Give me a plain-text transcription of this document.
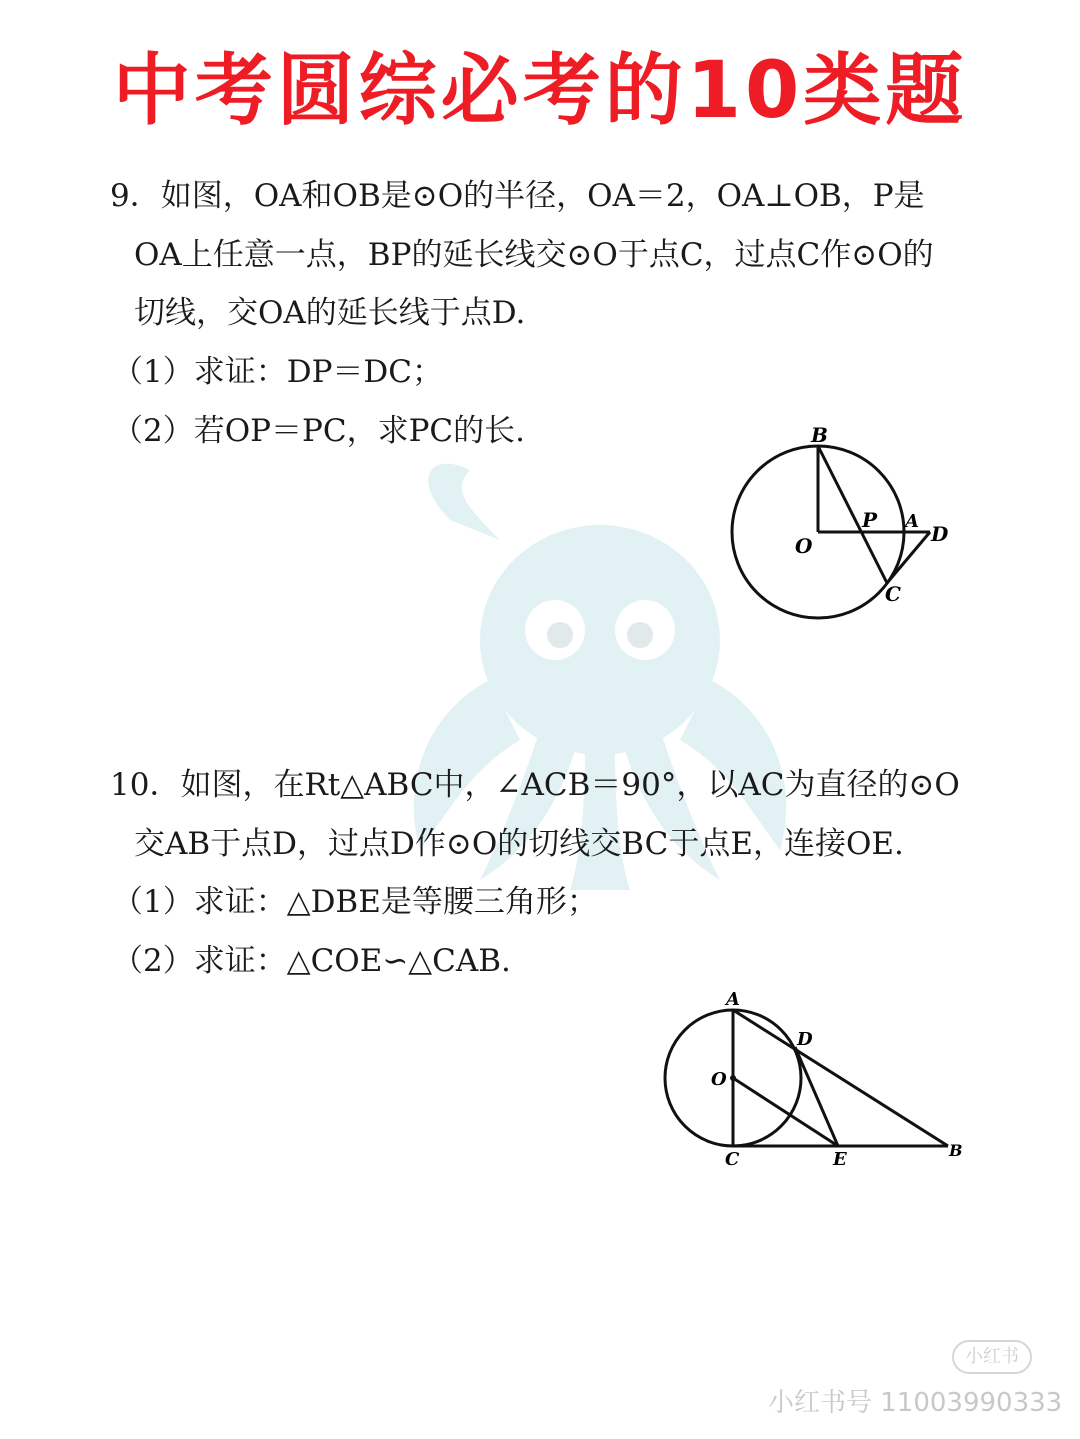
中考圆综必考的10类题
9．如图，OA和OB是⊙O的半径，OA＝2，OA⊥OB，P是
OA上任意一点，BP的延长线交⊙O于点C，过点C作⊙O的
切线，交OA的延长线于点D.
（1）求证：DP＝DC；
（2）若OP＝PC，求PC的长.	B
O
P A
D
C
10．如图，在Rt△ABC中，∠ACB＝90°，以AC为直径的⊙O
交AB于点D，过点D作⊙O的切线交BC于点E，连接OE.
（1）求证：△DBE是等腰三角形；
（2）求证：△COE∽△CAB.
A
D
O
C	E	B
小红书
小红书号 11003990333
